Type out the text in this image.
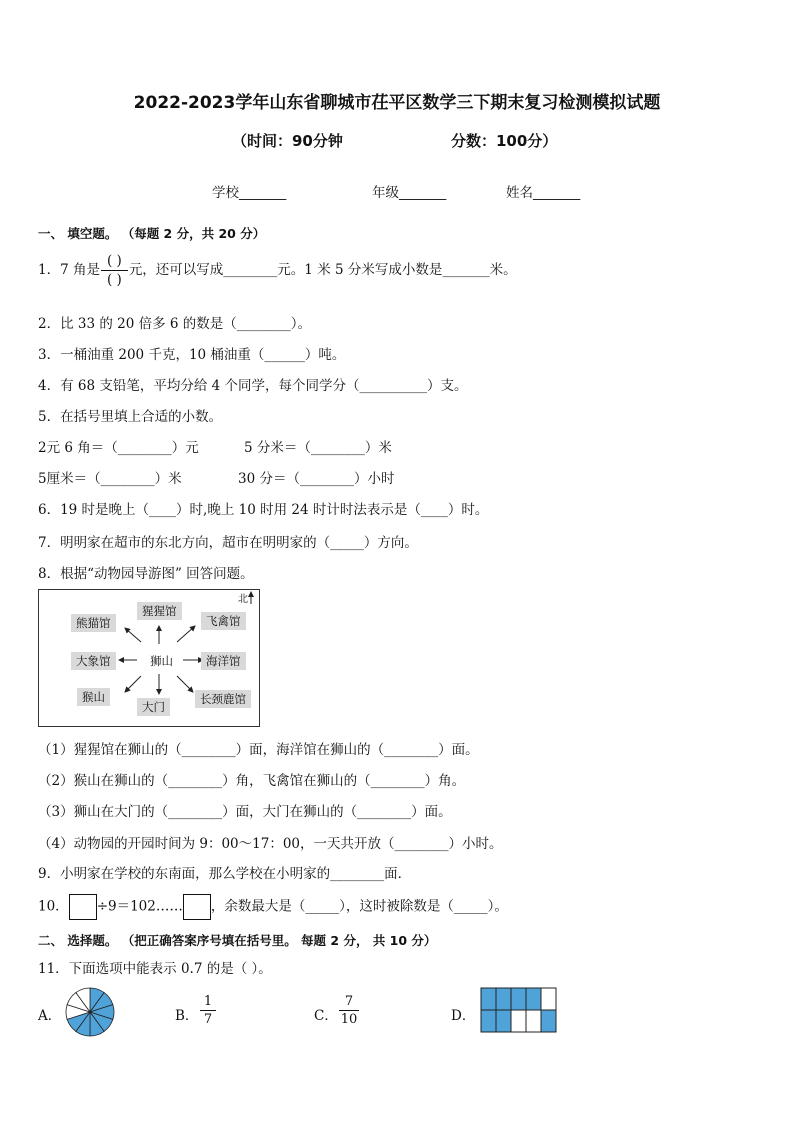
2022-2023学年山东省聊城市茌平区数学三下期末复习检测模拟试题
（时间：90分钟	分数：100分）
学校_______	年级_______	姓名_______
一、 填空题。 （每题 2 分，共 20 分）
1．7 角是 $\frac{( )}{( )}$ 元，还可以写成________元。1 米 5 分米写成小数是_______米。
2．比 33 的 20 倍多 6 的数是（________）。
3．一桶油重 200 千克，10 桶油重（______）吨。
4．有 68 支铅笔，平均分给 4 个同学，每个同学分（__________）支。
5．在括号里填上合适的小数。
2元 6 角＝（________）元	5 分米＝（________）米
5厘米＝（________）米	30 分＝（________）小时
6．19 时是晚上（____）时,晚上 10 时用 24 时计时法表示是（____）时。
7．明明家在超市的东北方向，超市在明明家的（_____）方向。
8．根据“动物园导游图” 回答问题。
北
狮山
猩猩馆
飞禽馆
海洋馆
长颈鹿馆
大门
猴山
大象馆
熊猫馆
（1）猩猩馆在狮山的（________）面，海洋馆在狮山的（________）面。
（2）猴山在狮山的（________）角，飞禽馆在狮山的（________）角。
（3）狮山在大门的（________）面，大门在狮山的（________）面。
（4）动物园的开园时间为 9：00～17：00，一天共开放（________）小时。
9．小明家在学校的东南面，那么学校在小明家的________面．
10． ÷9＝102…… ，余数最大是（_____），这时被除数是（_____）。
二、 选择题。 （把正确答案序号填在括号里。 每题 2 分， 共 10 分）
11．下面选项中能表示 0.7 的是（ ）。
A．	B． $\frac{1}{7}$	C． $\frac{7}{10}$	D．
